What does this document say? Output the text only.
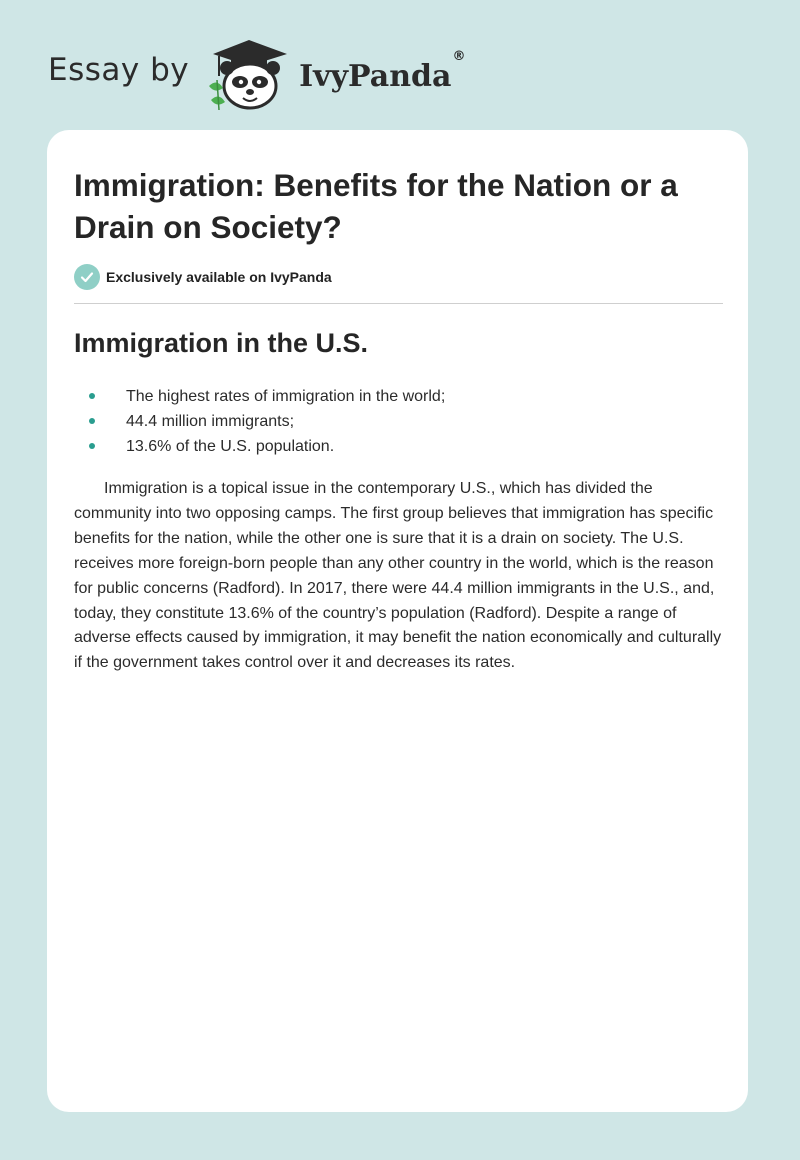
Essay by	IvyPanda®
Immigration: Benefits for the Nation or a Drain on Society?
Exclusively available on IvyPanda
Immigration in the U.S.
The highest rates of immigration in the world;
44.4 million immigrants;
13.6% of the U.S. population.

Immigration is a topical issue in the contemporary U.S., which has divided the community into two opposing camps. The first group believes that immigration has specific benefits for the nation, while the other one is sure that it is a drain on society. The U.S. receives more foreign-born people than any other country in the world, which is the reason for public concerns (Radford). In 2017, there were 44.4 million immigrants in the U.S., and, today, they constitute 13.6% of the country’s population (Radford). Despite a range of adverse effects caused by immigration, it may benefit the nation economically and culturally if the government takes control over it and decreases its rates.
